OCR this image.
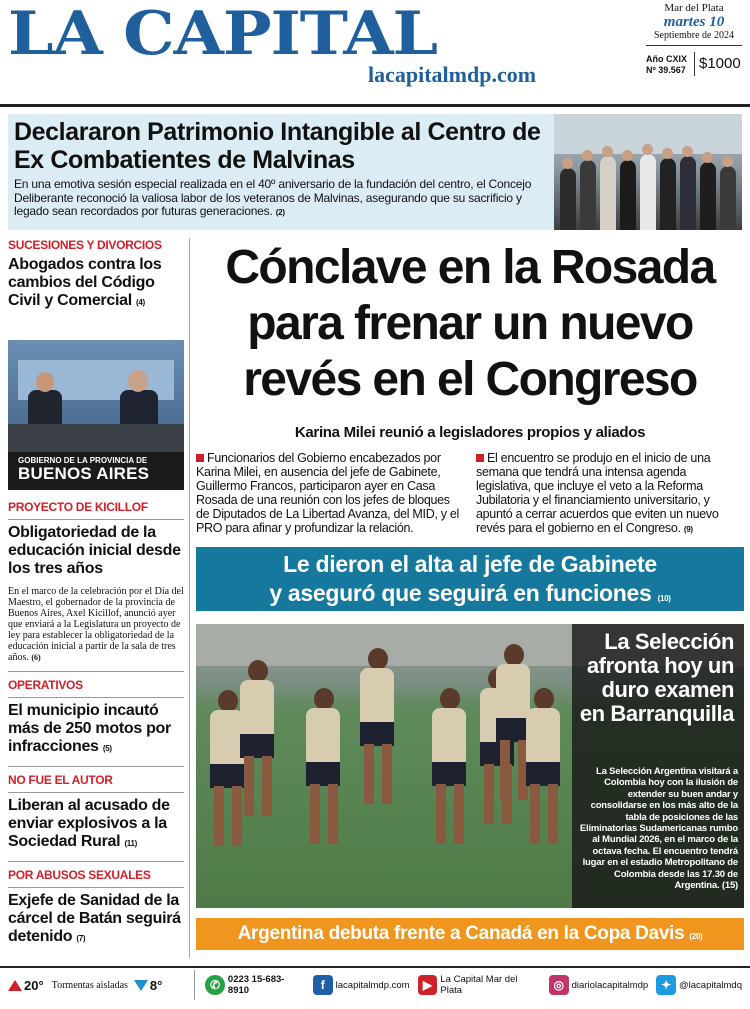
LA CAPITAL
lacapitalmdp.com
Mar del Plata
martes 10
Septiembre de 2024
Año CXIX
Nº 39.567 $1000
Declararon Patrimonio Intangible al Centro de Ex Combatientes de Malvinas
En una emotiva sesión especial realizada en el 40º aniversario de la fundación del centro, el Concejo Deliberante reconoció la valiosa labor de los veteranos de Malvinas, asegurando que su sacrificio y legado sean recordados por futuras generaciones. (2)
SUCESIONES Y DIVORCIOS
Abogados contra los cambios del Código Civil y Comercial (4)
GOBIERNO DE LA PROVINCIA DE
BUENOS AIRES
PROYECTO DE KICILLOF
Obligatoriedad de la educación inicial desde los tres años
En el marco de la celebración por el Día del Maestro, el gobernador de la provincia de Buenos Aires, Axel Kicillof, anunció ayer que enviará a la Legislatura un proyecto de ley para establecer la obligatoriedad de la educación inicial a partir de la sala de tres años. (6)
OPERATIVOS
El municipio incautó más de 250 motos por infracciones (5)
NO FUE EL AUTOR
Liberan al acusado de enviar explosivos a la Sociedad Rural (11)
POR ABUSOS SEXUALES
Exjefe de Sanidad de la cárcel de Batán seguirá detenido (7)
Cónclave en la Rosada
para frenar un nuevo
revés en el Congreso
Karina Milei reunió a legisladores propios y aliados
Funcionarios del Gobierno encabezados por Karina Milei, en ausencia del jefe de Gabinete, Guillermo Francos, participaron ayer en Casa Rosada de una reunión con los jefes de bloques de Diputados de La Libertad Avanza, del MID, y el PRO para afinar y profundizar la relación.
El encuentro se produjo en el inicio de una semana que tendrá una intensa agenda legislativa, que incluye el veto a la Reforma Jubilatoria y el financiamiento universitario, y apuntó a cerrar acuerdos que eviten un nuevo revés para el gobierno en el Congreso. (9)
Le dieron el alta al jefe de Gabinete
y aseguró que seguirá en funciones (10)
La Selección afronta hoy un duro examen en Barranquilla
La Selección Argentina visitará a Colombia hoy con la ilusión de extender su buen andar y consolidarse en los más alto de la tabla de posiciones de las Eliminatorias Sudamericanas rumbo al Mundial 2026, en el marco de la octava fecha. El encuentro tendrá lugar en el estadio Metropolitano de Colombia desde las 17.30 de Argentina. (15)
Argentina debuta frente a Canadá en la Copa Davis (20)
20° Tormentas aisladas 8°	✆ 0223 15-683-8910	f	lacapitalmdp.com	▶ La Capital Mar del Plata	◎ diariolacapitalmdp	✦ @lacapitalmdq
